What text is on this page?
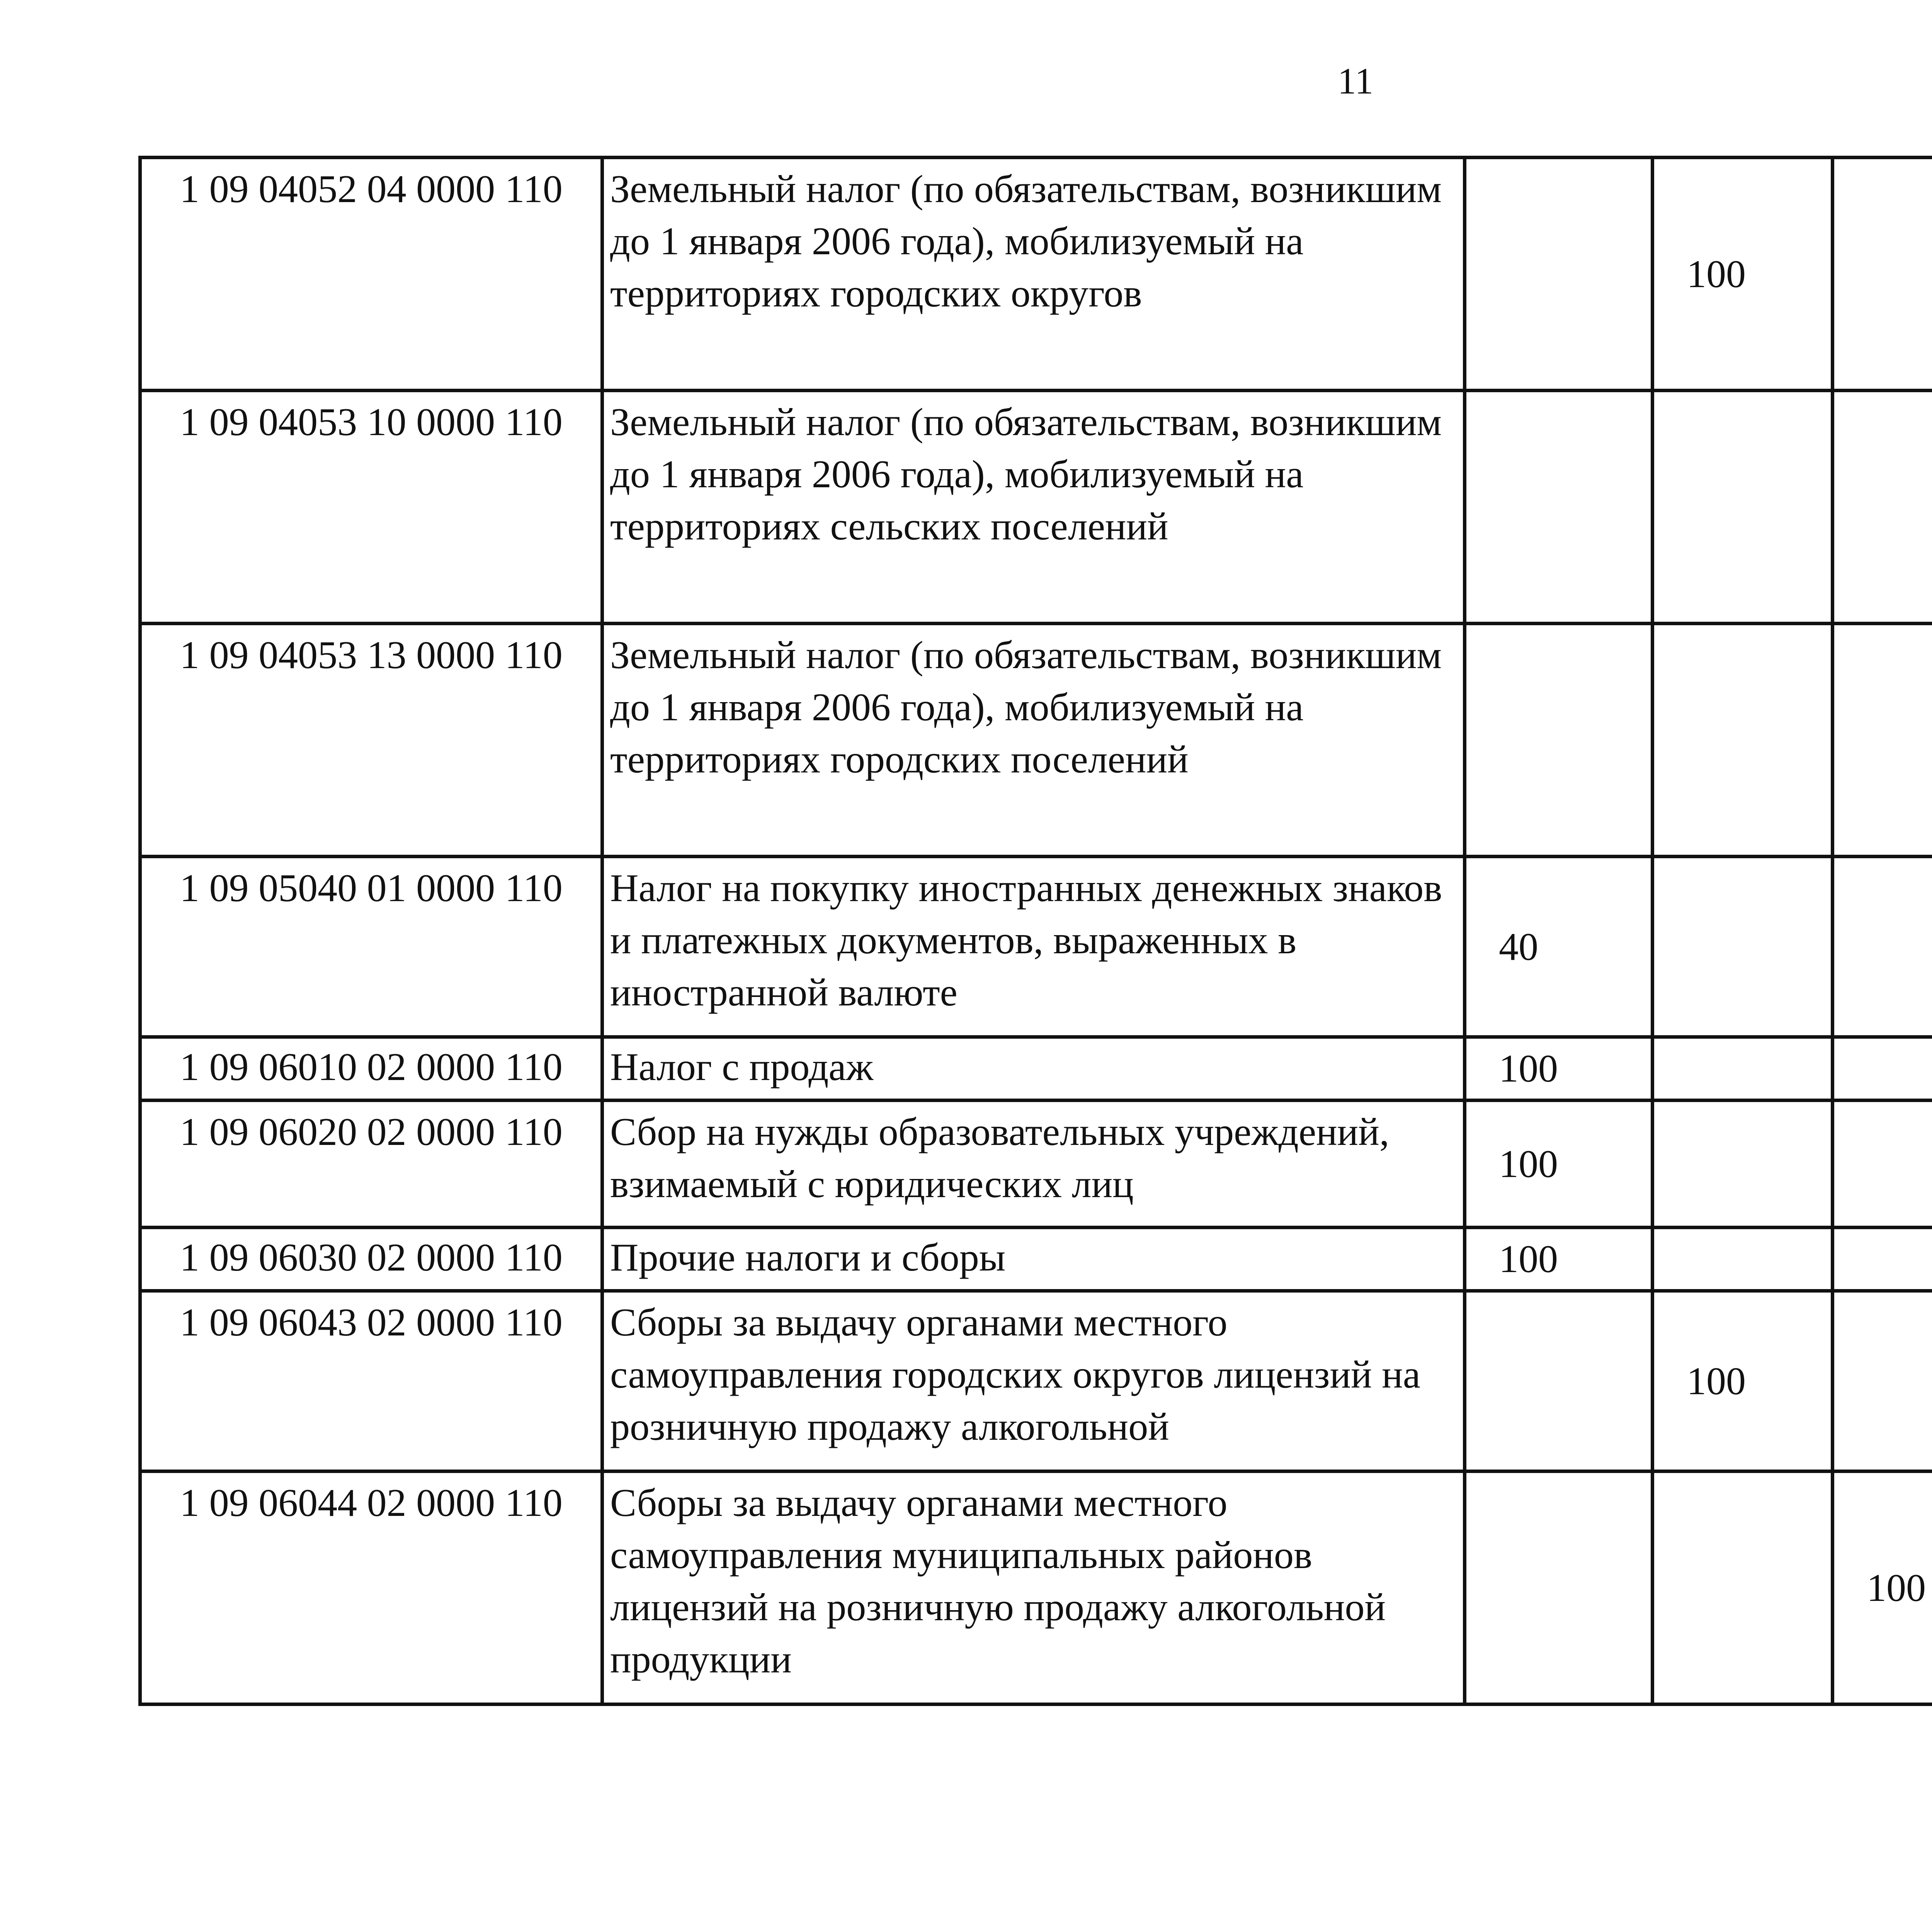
11
1 09 04052 04 0000 110	Земельный налог (по обязательствам, возникшим до 1 января 2006 года), мобилизуемый на территориях городских округов		100			
1 09 04053 10 0000 110	Земельный налог (по обязательствам, возникшим до 1 января 2006 года), мобилизуемый на территориях сельских поселений					
1 09 04053 13 0000 110	Земельный налог (по обязательствам, возникшим до 1 января 2006 года), мобилизуемый на территориях городских поселений					
1 09 05040 01 0000 110	Налог на покупку иностранных денежных знаков и платежных документов, выраженных в иностранной валюте	40				
1 09 06010 02 0000 110	Налог с продаж	100				
1 09 06020 02 0000 110	Сбор на нужды образовательных учреждений, взимаемый с юридических лиц	100				
1 09 06030 02 0000 110	Прочие налоги и сборы	100				
1 09 06043 02 0000 110	Сборы за выдачу органами местного самоуправления городских округов лицензий на розничную продажу алкогольной		100			
1 09 06044 02 0000 110	Сборы за выдачу органами местного самоуправления муниципальных районов лицензий на розничную продажу алкогольной продукции			100		
